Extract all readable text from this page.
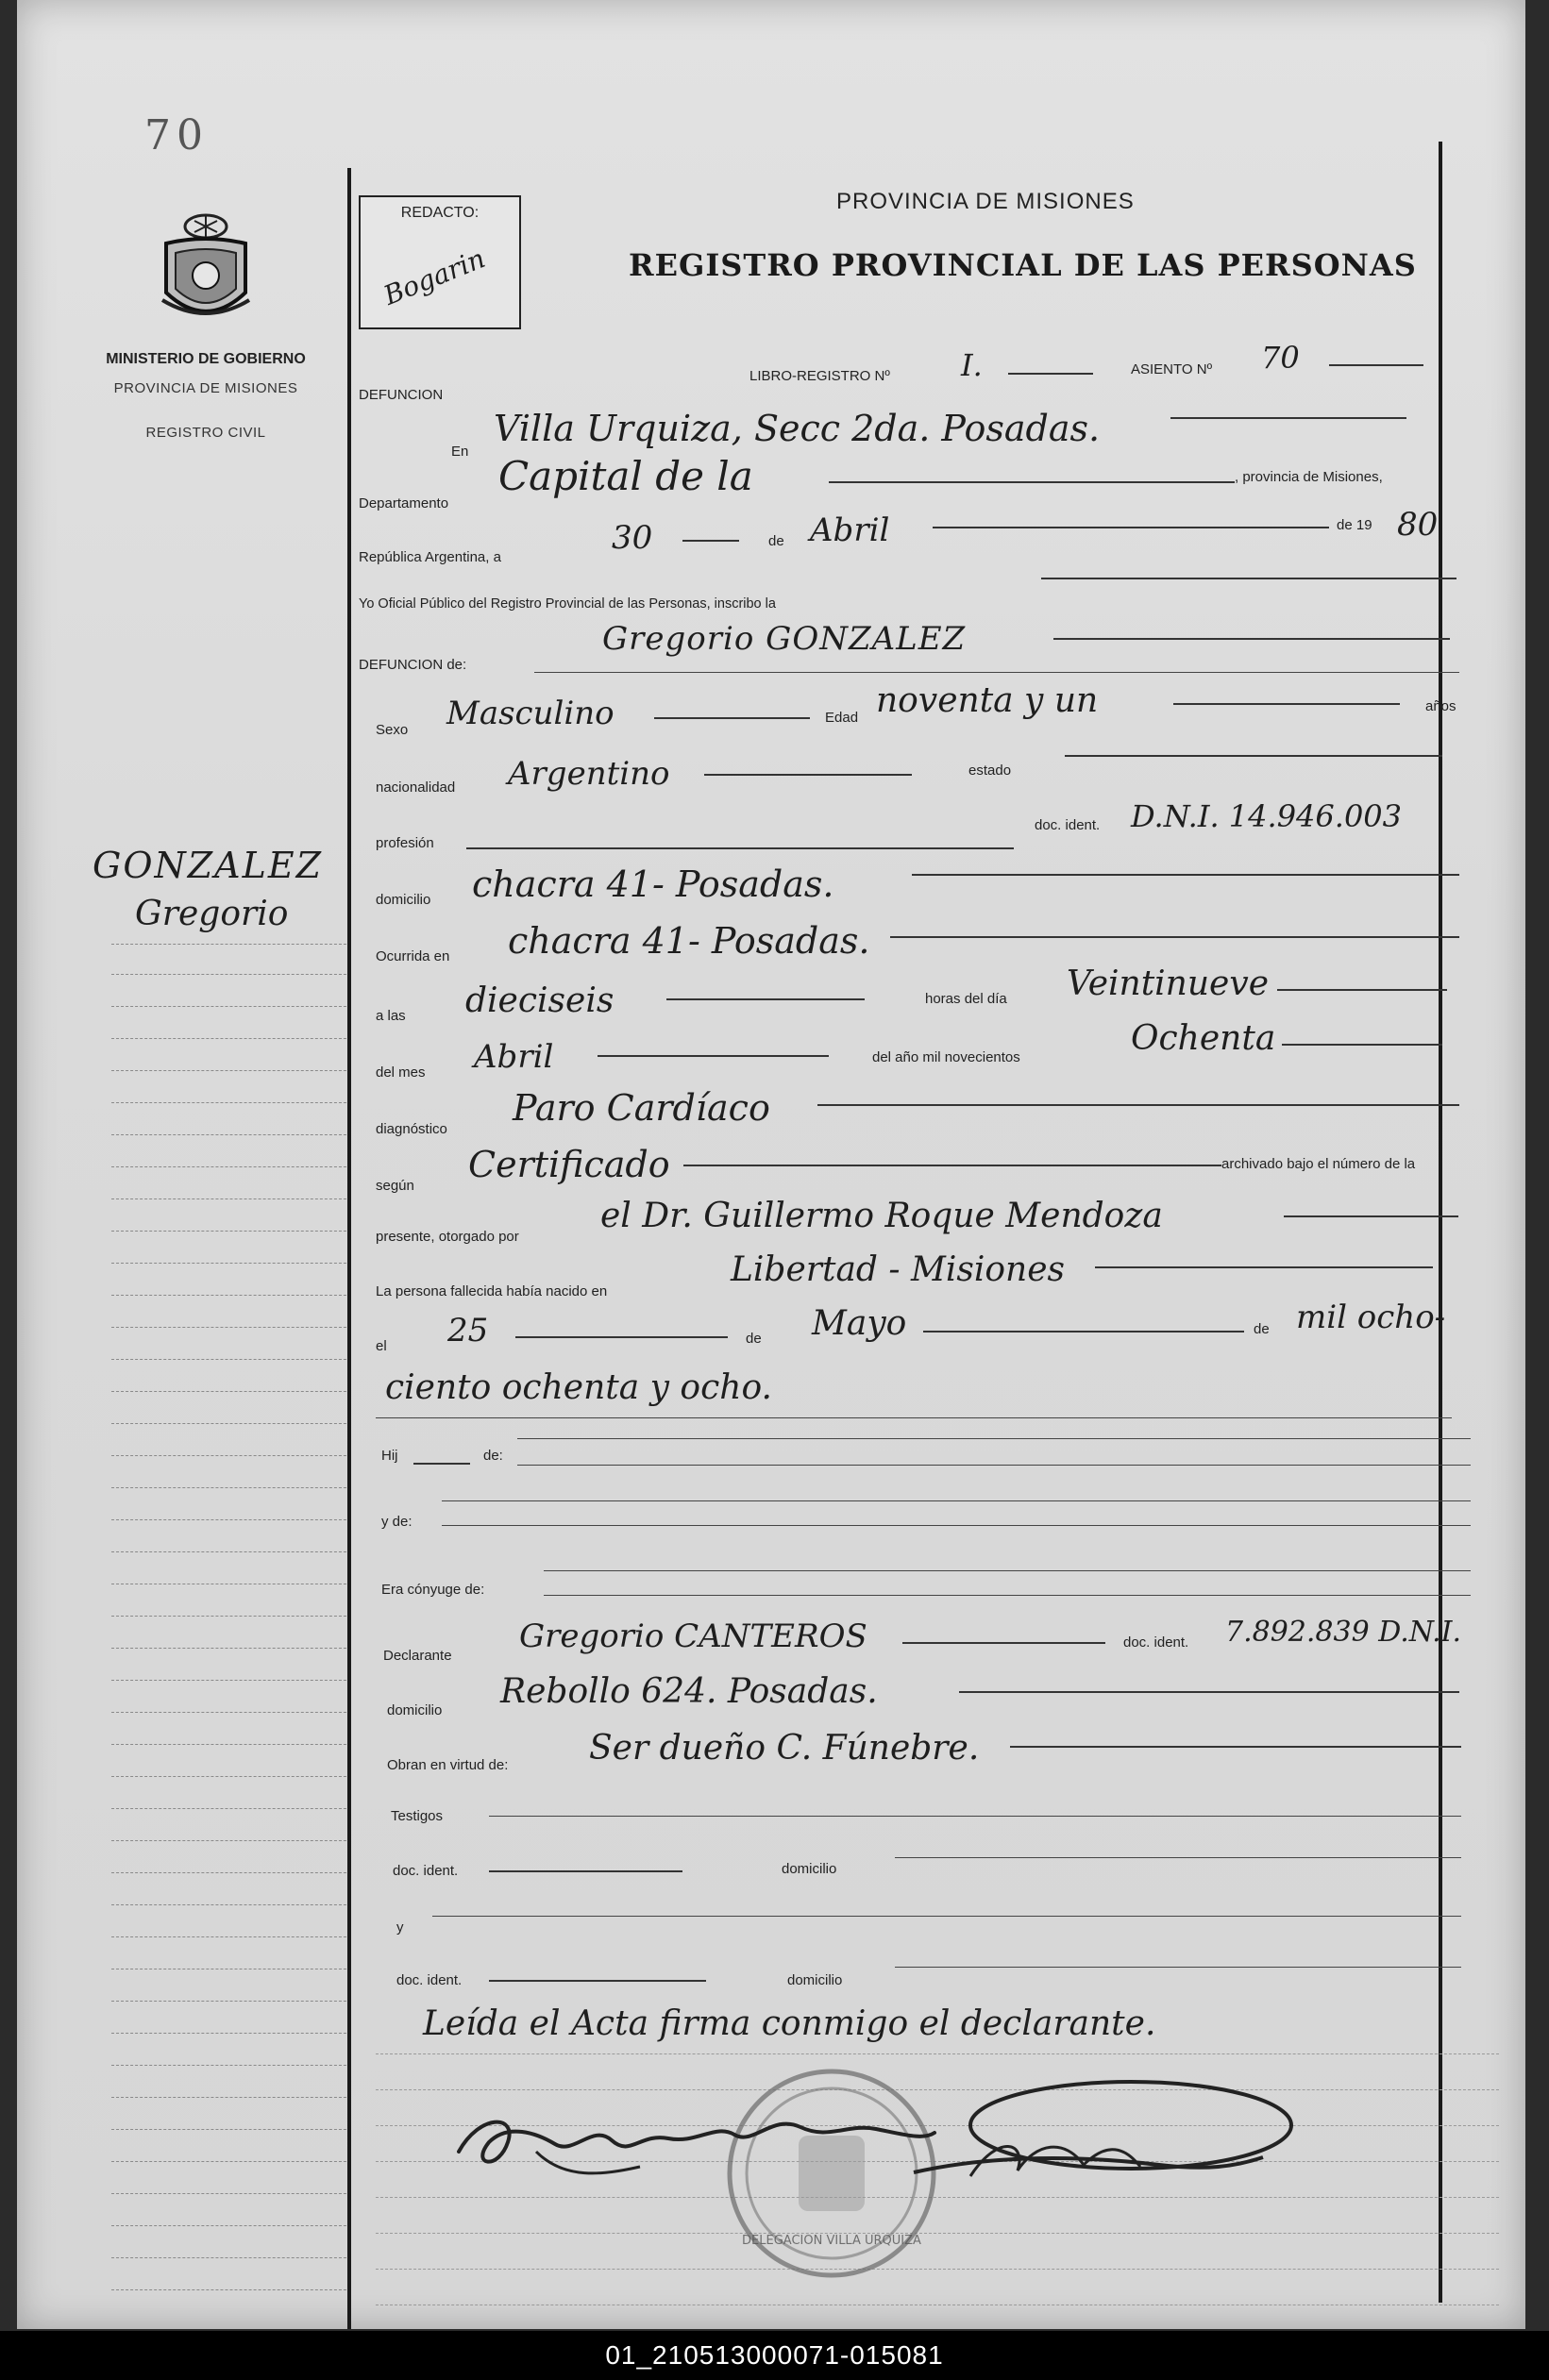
70
MINISTERIO DE GOBIERNO
PROVINCIA DE MISIONES
REGISTRO CIVIL
GONZALEZ
Gregorio
REDACTO:
Bogarin
PROVINCIA DE MISIONES
REGISTRO PROVINCIAL DE LAS PERSONAS
DEFUNCION
LIBRO-REGISTRO Nº I.	ASIENTO Nº 70
En
Villa Urquiza, Secc 2da. Posadas.
Departamento
Capital de la	, provincia de Misiones,
República Argentina, a
30	de Abril	de 19 80
Yo Oficial Público del Registro Provincial de las Personas, inscribo la
DEFUNCION de:
Gregorio GONZALEZ
Sexo Masculino	Edad noventa y un	años
nacionalidad Argentino	estado
profesión
doc. ident. D.N.I. 14.946.003
domicilio chacra 41- Posadas.
Ocurrida en chacra 41- Posadas.
a las dieciseis	horas del día Veintinueve
del mes Abril	del año mil novecientos	Ochenta
diagnóstico
Paro Cardíaco
según
Certificado	archivado bajo el número de la
presente, otorgado por
el Dr. Guillermo Roque Mendoza
La persona fallecida había nacido en
Libertad - Misiones
el 25	de Mayo	de mil ocho-
ciento ochenta y ocho.
Hij	de:
y de:
Era cónyuge de:
Declarante
Gregorio CANTEROS	doc. ident. 7.892.839 D.N.I.
domicilio Rebollo 624. Posadas.
Obran en virtud de: Ser dueño C. Fúnebre.
Testigos
doc. ident.	domicilio
y
doc. ident.	domicilio
Leída el Acta firma conmigo el declarante.
DELEGACION VILLA URQUIZA
01_210513000071-015081
